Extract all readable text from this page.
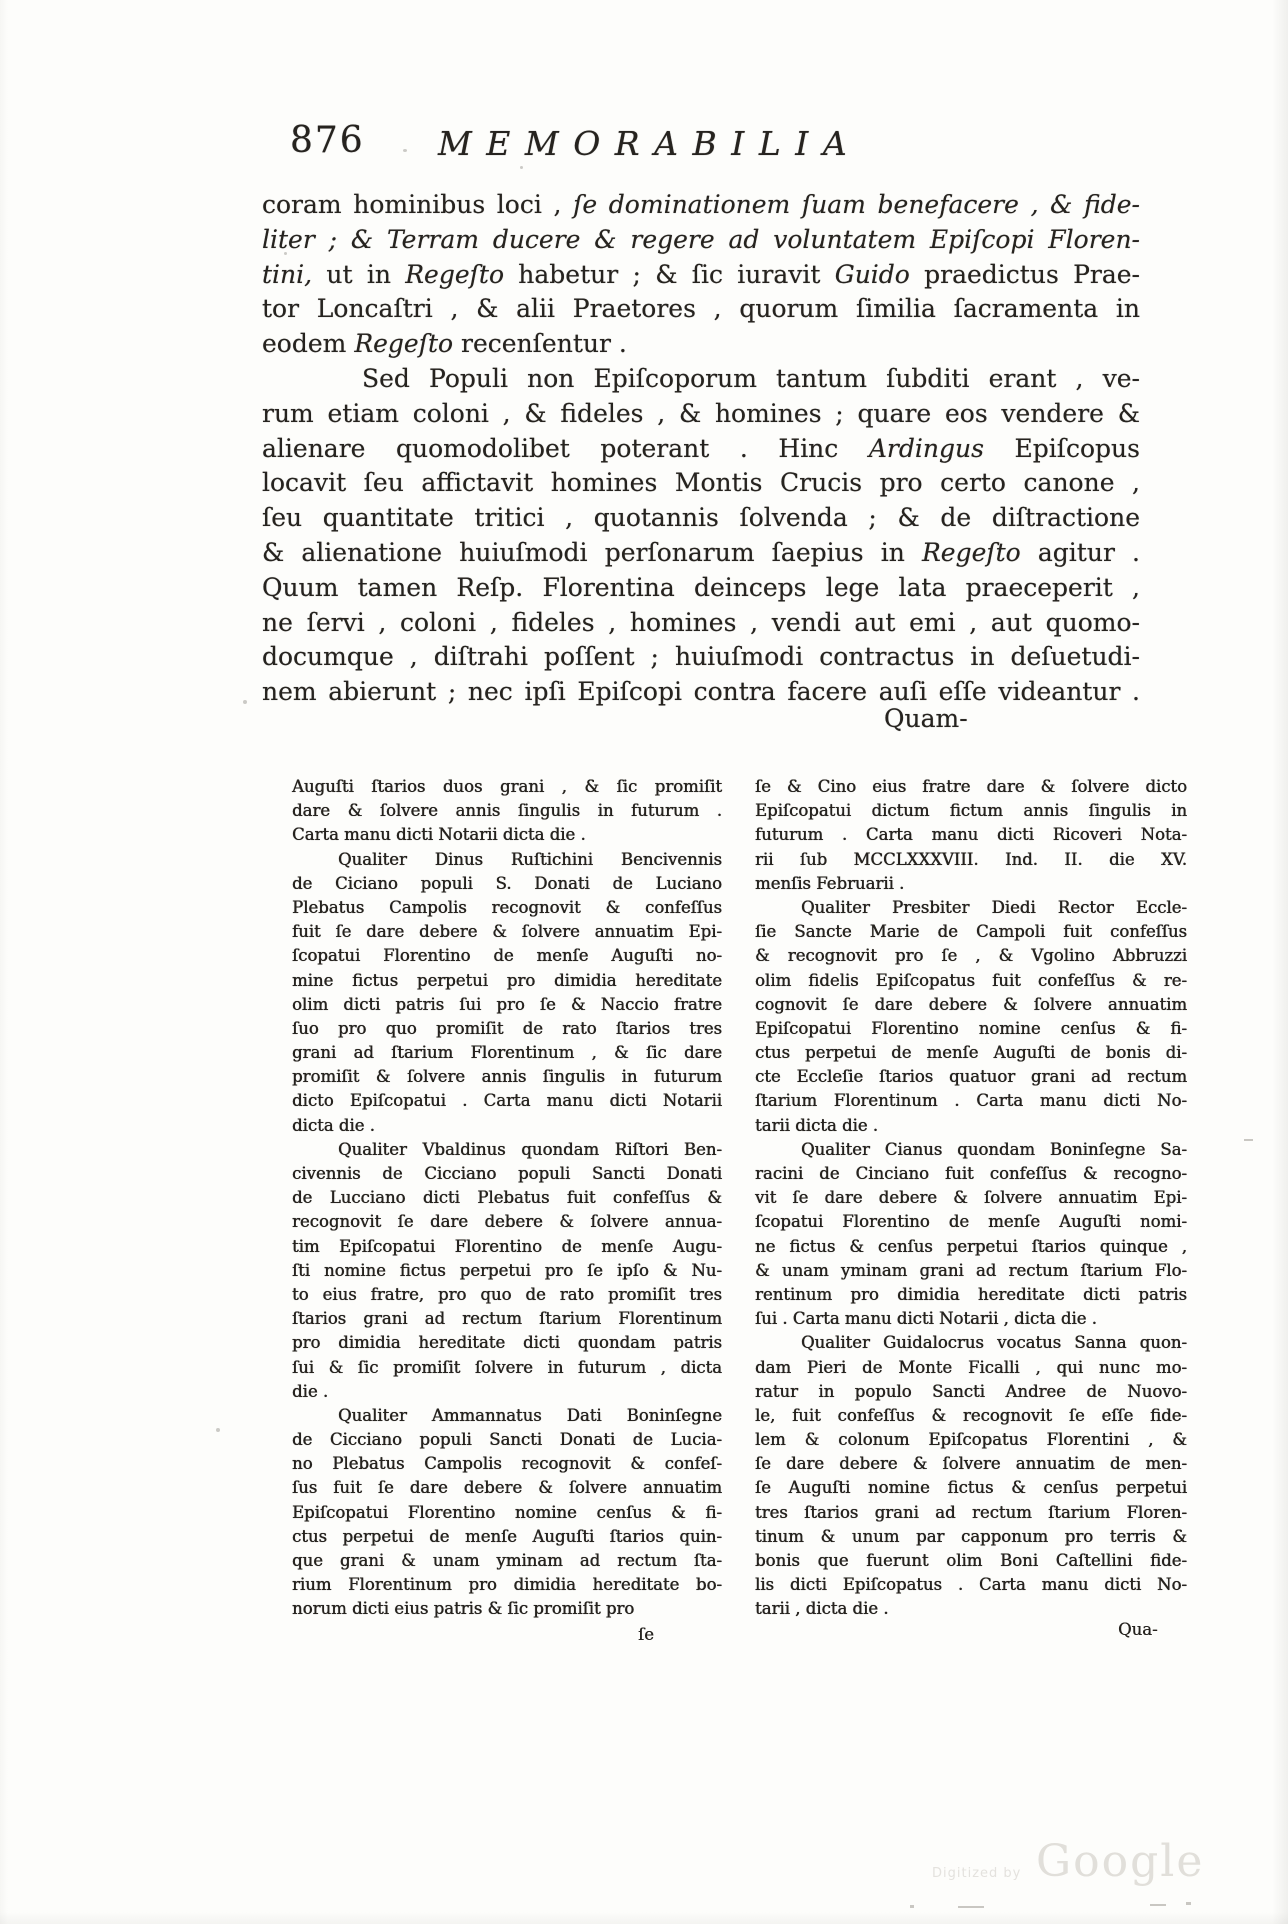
876 MEMORABILIA
coram hominibus loci , ſe dominationem ſuam benefacere , & fide-
liter ; & Terram ducere & regere ad voluntatem Epiſcopi Floren-
tini, ut in Regeſto habetur ; & ſic iuravit Guido praedictus Prae-
tor Loncaſtri , & alii Praetores , quorum ſimilia ſacramenta in
eodem Regeſto recenſentur .
Sed Populi non Epiſcoporum tantum ſubditi erant , ve-
rum etiam coloni , & fideles , & homines ; quare eos vendere &
alienare quomodolibet poterant . Hinc Ardingus Epiſcopus
locavit ſeu affictavit homines Montis Crucis pro certo canone ,
ſeu quantitate tritici , quotannis ſolvenda ; & de diſtractione
& alienatione huiuſmodi perſonarum ſaepius in Regeſto agitur .
Quum tamen Reſp. Florentina deinceps lege lata praeceperit ,
ne ſervi , coloni , fideles , homines , vendi aut emi , aut quomo-
documque , diſtrahi poſſent ; huiuſmodi contractus in deſuetudi-
nem abierunt ; nec ipſi Epiſcopi contra facere auſi eſſe videantur .
Quam-
Auguſti ſtarios duos grani , & ſic promiſit
dare & ſolvere annis ſingulis in futurum .
Carta manu dicti Notarii dicta die .
Qualiter Dinus Ruſtichini Bencivennis
de Ciciano populi S. Donati de Luciano
Plebatus Campolis recognovit & confeſſus
fuit ſe dare debere & ſolvere annuatim Epi-
ſcopatui Florentino de menſe Auguſti no-
mine fictus perpetui pro dimidia hereditate
olim dicti patris ſui pro ſe & Naccio fratre
ſuo pro quo promiſit de rato ſtarios tres
grani ad ſtarium Florentinum , & ſic dare
promiſit & ſolvere annis ſingulis in futurum
dicto Epiſcopatui . Carta manu dicti Notarii
dicta die .
Qualiter Vbaldinus quondam Riſtori Ben-
civennis de Cicciano populi Sancti Donati
de Lucciano dicti Plebatus fuit confeſſus &
recognovit ſe dare debere & ſolvere annua-
tim Epiſcopatui Florentino de menſe Augu-
ſti nomine fictus perpetui pro ſe ipſo & Nu-
to eius fratre, pro quo de rato promiſit tres
ſtarios grani ad rectum ſtarium Florentinum
pro dimidia hereditate dicti quondam patris
ſui & ſic promiſit ſolvere in futurum , dicta
die .
Qualiter Ammannatus Dati Boninſegne
de Cicciano populi Sancti Donati de Lucia-
no Plebatus Campolis recognovit & confeſ-
ſus fuit ſe dare debere & ſolvere annuatim
Epiſcopatui Florentino nomine cenſus & fi-
ctus perpetui de menſe Auguſti ſtarios quin-
que grani & unam yminam ad rectum ſta-
rium Florentinum pro dimidia hereditate bo-
norum dicti eius patris & ſic promiſit pro
ſe & Cino eius fratre dare & ſolvere dicto
Epiſcopatui dictum fictum annis ſingulis in
futurum . Carta manu dicti Ricoveri Nota-
rii ſub MCCLXXXVIII. Ind. II. die XV.
menſis Februarii .
Qualiter Presbiter Diedi Rector Eccle-
ſie Sancte Marie de Campoli fuit confeſſus
& recognovit pro ſe , & Vgolino Abbruzzi
olim fidelis Epiſcopatus fuit confeſſus & re-
cognovit ſe dare debere & ſolvere annuatim
Epiſcopatui Florentino nomine cenſus & fi-
ctus perpetui de menſe Auguſti de bonis di-
cte Eccleſie ſtarios quatuor grani ad rectum
ſtarium Florentinum . Carta manu dicti No-
tarii dicta die .
Qualiter Cianus quondam Boninſegne Sa-
racini de Cinciano fuit confeſſus & recogno-
vit ſe dare debere & ſolvere annuatim Epi-
ſcopatui Florentino de menſe Auguſti nomi-
ne fictus & cenſus perpetui ſtarios quinque ,
& unam yminam grani ad rectum ſtarium Flo-
rentinum pro dimidia hereditate dicti patris
ſui . Carta manu dicti Notarii , dicta die .
Qualiter Guidalocrus vocatus Sanna quon-
dam Pieri de Monte Ficalli , qui nunc mo-
ratur in populo Sancti Andree de Nuovo-
le, fuit confeſſus & recognovit ſe eſſe fide-
lem & colonum Epiſcopatus Florentini , &
ſe dare debere & ſolvere annuatim de men-
ſe Auguſti nomine fictus & cenſus perpetui
tres ſtarios grani ad rectum ſtarium Floren-
tinum & unum par capponum pro terris &
bonis que fuerunt olim Boni Caſtellini fide-
lis dicti Epiſcopatus . Carta manu dicti No-
tarii , dicta die .
ſe	Qua-
Digitized by Google
